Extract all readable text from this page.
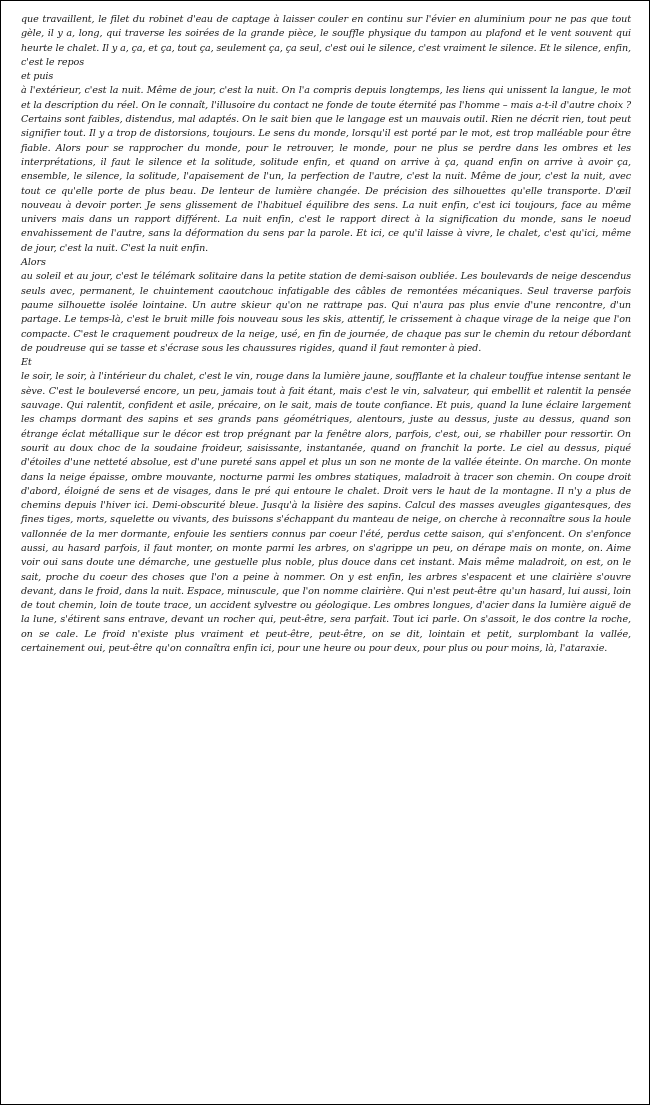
que travaillent, le filet du robinet d'eau de captage à laisser couler en continu sur l'évier en aluminium pour ne pas que tout gèle, il y a, long, qui traverse les soirées de la grande pièce, le souffle physique du tampon au plafond et le vent souvent qui heurte le chalet. Il y a, ça, et ça, tout ça, seulement ça, ça seul, c'est oui le silence, c'est vraiment le silence. Et le silence, enfin, c'est le repos

et puis

à l'extérieur, c'est la nuit. Même de jour, c'est la nuit. On l'a compris depuis longtemps, les liens qui unissent la langue, le mot et la description du réel. On le connaît, l'illusoire du contact ne fonde de toute éternité pas l'homme – mais a-t-il d'autre choix ? Certains sont faibles, distendus, mal adaptés. On le sait bien que le langage est un mauvais outil. Rien ne décrit rien, tout peut signifier tout. Il y a trop de distorsions, toujours. Le sens du monde, lorsqu'il est porté par le mot, est trop malléable pour être fiable. Alors pour se rapprocher du monde, pour le retrouver, le monde, pour ne plus se perdre dans les ombres et les interprétations, il faut le silence et la solitude, solitude enfin, et quand on arrive à ça, quand enfin on arrive à avoir ça, ensemble, le silence, la solitude, l'apaisement de l'un, la perfection de l'autre, c'est la nuit. Même de jour, c'est la nuit, avec tout ce qu'elle porte de plus beau. De lenteur de lumière changée. De précision des silhouettes qu'elle transporte. D'œil nouveau à devoir porter. Je sens glissement de l'habituel équilibre des sens. La nuit enfin, c'est ici toujours, face au même univers mais dans un rapport différent. La nuit enfin, c'est le rapport direct à la signification du monde, sans le noeud envahissement de l'autre, sans la déformation du sens par la parole. Et ici, ce qu'il laisse à vivre, le chalet, c'est qu'ici, même de jour, c'est la nuit. C'est la nuit enfin.

Alors

au soleil et au jour, c'est le télémark solitaire dans la petite station de demi-saison oubliée. Les boulevards de neige descendus seuls avec, permanent, le chuintement caoutchouc infatigable des câbles de remontées mécaniques. Seul traverse parfois paume silhouette isolée lointaine. Un autre skieur qu'on ne rattrape pas. Qui n'aura pas plus envie d'une rencontre, d'un partage. Le temps-là, c'est le bruit mille fois nouveau sous les skis, attentif, le crissement à chaque virage de la neige que l'on compacte. C'est le craquement poudreux de la neige, usé, en fin de journée, de chaque pas sur le chemin du retour débordant de poudreuse qui se tasse et s'écrase sous les chaussures rigides, quand il faut remonter à pied.

Et

le soir, le soir, à l'intérieur du chalet, c'est le vin, rouge dans la lumière jaune, soufflante et la chaleur touffue intense sentant le sève. C'est le bouleversé encore, un peu, jamais tout à fait étant, mais c'est le vin, salvateur, qui embellit et ralentit la pensée sauvage. Qui ralentit, confident et asile, précaire, on le sait, mais de toute confiance. Et puis, quand la lune éclaire largement les champs dormant des sapins et ses grands pans géométriques, alentours, juste au dessus, juste au dessus, quand son étrange éclat métallique sur le décor est trop prégnant par la fenêtre alors, parfois, c'est, oui, se rhabiller pour ressortir. On sourit au doux choc de la soudaine froideur, saisissante, instantanée, quand on franchit la porte. Le ciel au dessus, piqué d'étoiles d'une netteté absolue, est d'une pureté sans appel et plus un son ne monte de la vallée éteinte. On marche. On monte dans la neige épaisse, ombre mouvante, nocturne parmi les ombres statiques, maladroit à tracer son chemin. On coupe droit d'abord, éloigné de sens et de visages, dans le pré qui entoure le chalet. Droit vers le haut de la montagne. Il n'y a plus de chemins depuis l'hiver ici. Demi-obscurité bleue. Jusqu'à la lisière des sapins. Calcul des masses aveugles gigantesques, des fines tiges, morts, squelette ou vivants, des buissons s'échappant du manteau de neige, on cherche à reconnaître sous la houle vallonnée de la mer dormante, enfouie les sentiers connus par coeur l'été, perdus cette saison, qui s'enfoncent. On s'enfonce aussi, au hasard parfois, il faut monter, on monte parmi les arbres, on s'agrippe un peu, on dérape mais on monte, on. Aime voir oui sans doute une démarche, une gestuelle plus noble, plus douce dans cet instant. Mais même maladroit, on est, on le sait, proche du coeur des choses que l'on a peine à nommer. On y est enfin, les arbres s'espacent et une clairière s'ouvre devant, dans le froid, dans la nuit. Espace, minuscule, que l'on nomme clairière. Qui n'est peut-être qu'un hasard, lui aussi, loin de tout chemin, loin de toute trace, un accident sylvestre ou géologique. Les ombres longues, d'acier dans la lumière aiguë de la lune, s'étirent sans entrave, devant un rocher qui, peut-être, sera parfait. Tout ici parle. On s'assoit, le dos contre la roche, on se cale. Le froid n'existe plus vraiment et peut-être, peut-être, on se dit, lointain et petit, surplombant la vallée, certainement oui, peut-être qu'on connaîtra enfin ici, pour une heure ou pour deux, pour plus ou pour moins, là, l'ataraxie.
